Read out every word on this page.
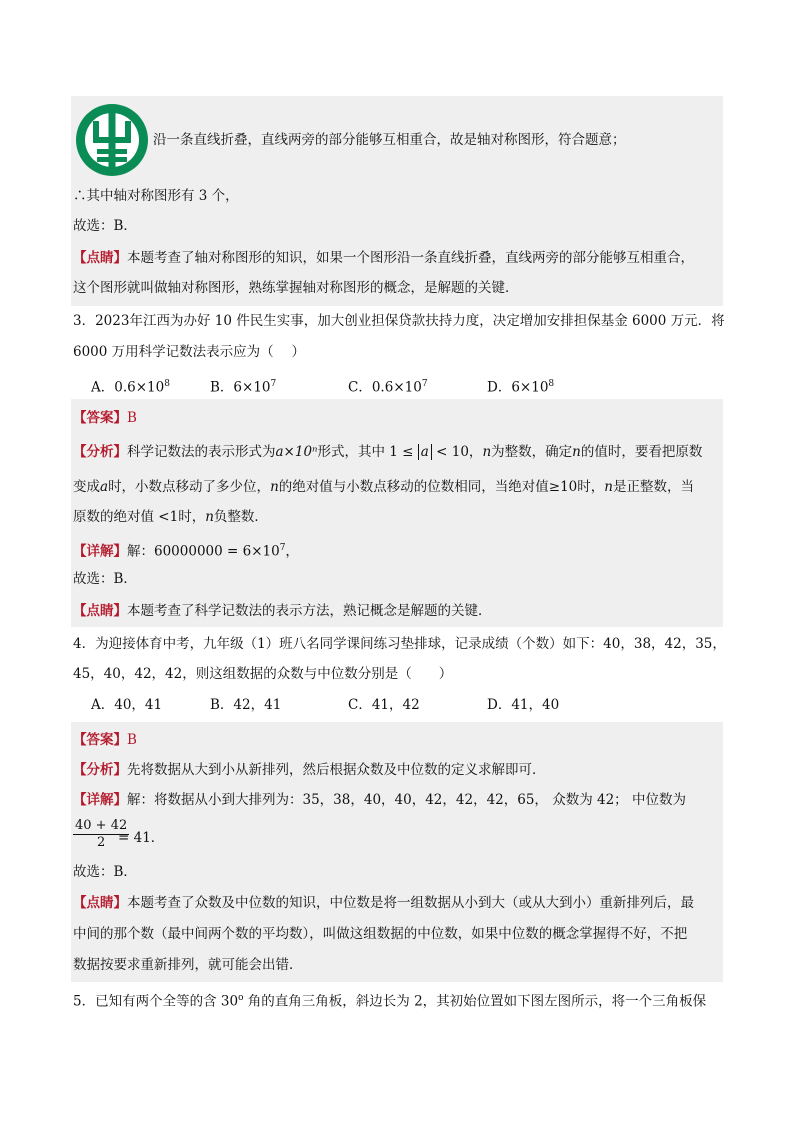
沿一条直线折叠，直线两旁的部分能够互相重合，故是轴对称图形，符合题意；
∴其中轴对称图形有 3 个，
故选：B．
【点睛】本题考查了轴对称图形的知识，如果一个图形沿一条直线折叠，直线两旁的部分能够互相重合，
这个图形就叫做轴对称图形，熟练掌握轴对称图形的概念，是解题的关键．
3．2023年江西为办好 10 件民生实事，加大创业担保贷款扶持力度，决定增加安排担保基金 6000 万元．将
6000 万用科学记数法表示应为（　 ）
A．$0.6\times 10^8$	B．$6\times 10^7$	C．$0.6\times 10^7$	D．$6\times 10^8$
【答案】B
【分析】科学记数法的表示形式为a×10ⁿ形式，其中 1 ≤ a < 10，n为整数，确定n的值时，要看把原数
变成a时，小数点移动了多少位，n的绝对值与小数点移动的位数相同，当绝对值≥10时，n是正整数，当
原数的绝对值 <1时，n负整数．
【详解】解：$60000000 = 6\times 10^7$，
故选：B．
【点睛】本题考查了科学记数法的表示方法，熟记概念是解题的关键．
4．为迎接体育中考，九年级（1）班八名同学课间练习垫排球，记录成绩（个数）如下：40，38，42，35，
45，40，42，42，则这组数据的众数与中位数分别是（　　）
A．40，41	B．42，41	C．41，42	D．41，40
【答案】B
【分析】先将数据从大到小从新排列，然后根据众数及中位数的定义求解即可．
【详解】解：将数据从小到大排列为：35，38，40，40，42，42，42，65， 众数为 42； 中位数为
$\frac{40 + 42}{2}$
= 41．
故选：B．
【点睛】本题考查了众数及中位数的知识，中位数是将一组数据从小到大（或从大到小）重新排列后，最
中间的那个数（最中间两个数的平均数），叫做这组数据的中位数，如果中位数的概念掌握得不好，不把
数据按要求重新排列，就可能会出错．
5．已知有两个全等的含 30$^o$ 角的直角三角板，斜边长为 2，其初始位置如下图左图所示，将一个三角板保
